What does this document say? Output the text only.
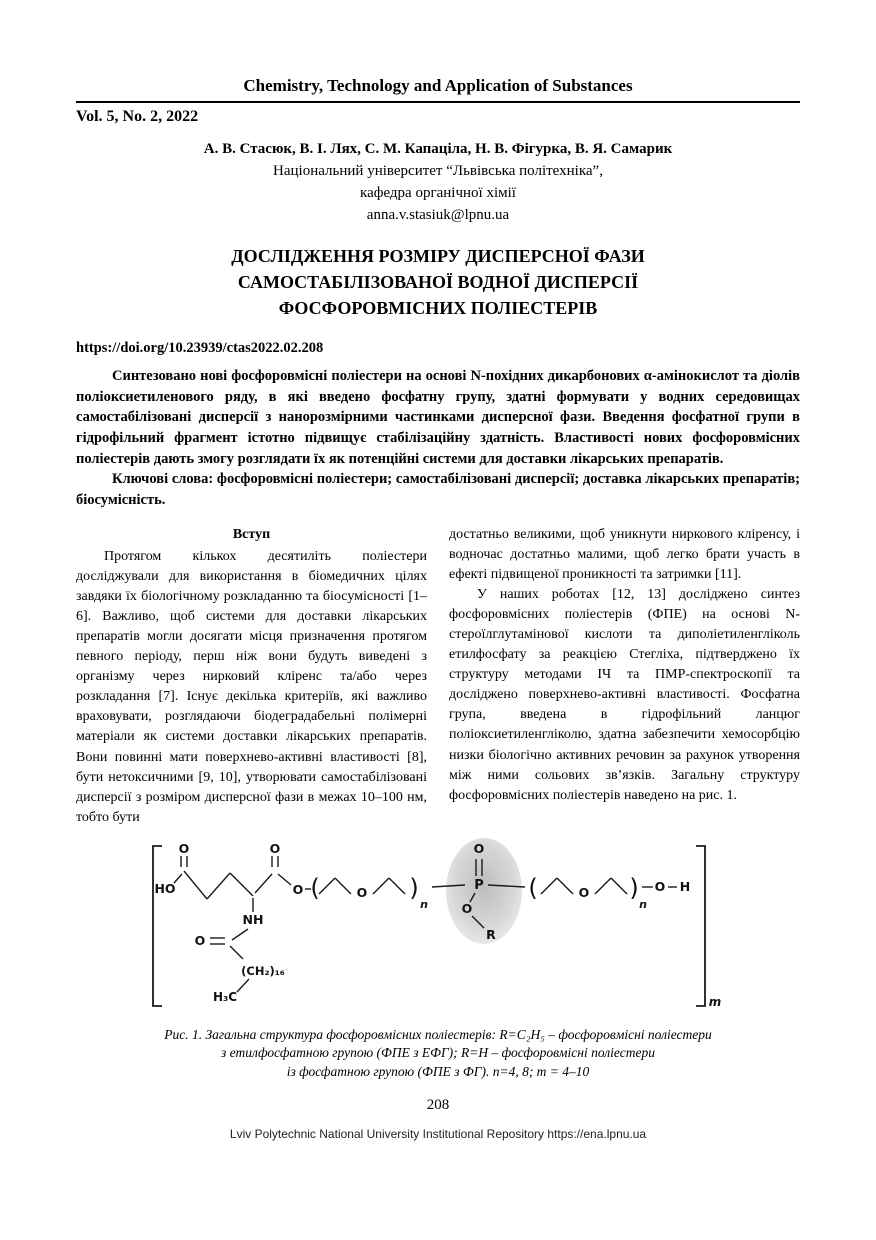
Chemistry, Technology and Application of Substances
Vol. 5, No. 2, 2022
А. В. Стасюк, В. І. Лях, С. М. Капаціла, Н. В. Фігурка, В. Я. Самарик
Національний університет “Львівська політехніка”,
кафедра органічної хімії
anna.v.stasiuk@lpnu.ua
ДОСЛІДЖЕННЯ РОЗМІРУ ДИСПЕРСНОЇ ФАЗИ
САМОСТАБІЛІЗОВАНОЇ ВОДНОЇ ДИСПЕРСІЇ
ФОСФОРОВМІСНИХ ПОЛІЕСТЕРІВ
https://doi.org/10.23939/ctas2022.02.208

Синтезовано нові фосфоровмісні поліестери на основі N-похідних дикарбонових α-амінокислот та діолів поліоксиетиленового ряду, в які введено фосфатну групу, здатні формувати у водних середовищах самостабілізовані дисперсії з нанорозмірними частинками дисперсної фази. Введення фосфатної групи в гідрофільний фрагмент істотно підвищує стабілізаційну здатність. Властивості нових фосфоровмісних поліестерів дають змогу розглядати їх як потенційні системи для доставки лікарських препаратів.

Ключові слова: фосфоровмісні поліестери; самостабілізовані дисперсії; доставка лікарських препаратів; біосумісність.

Вступ

Протягом кількох десятиліть поліестери досліджували для використання в біомедичних цілях завдяки їх біологічному розкладанню та біосумісності [1–6]. Важливо, щоб системи для доставки лікарських препаратів могли досягати місця призначення протягом певного періоду, перш ніж вони будуть виведені з організму через нирковий кліренс та/або через розкладання [7]. Існує декілька критеріїв, які важливо враховувати, розглядаючи біодеградабельні полімерні матеріали як системи доставки лікарських препаратів. Вони повинні мати поверхнево-активні властивості [8], бути нетоксичними [9, 10], утворювати самостабілізовані дисперсії з розміром дисперсної фази в межах 10–100 нм, тобто бути

достатньо великими, щоб уникнути ниркового кліренсу, і водночас достатньо малими, щоб легко брати участь в ефекті підвищеної проникності та затримки [11].

У наших роботах [12, 13] досліджено синтез фосфоровмісних поліестерів (ФПЕ) на основі N-стероїлглутамінової кислоти та диполіетиленгліколь етилфосфату за реакцією Стегліха, підтверджено їх структуру методами ІЧ та ПМР-спектроскопії та досліджено поверхнево-активні властивості. Фосфатна група, введена в гідрофільний ланцюг поліоксиетиленгліколю, здатна забезпечити хемосорбцію низки біологічно активних речовин за рахунок утворення між ними сольових зв’язків. Загальну структуру фосфоровмісних поліестерів наведено на рис. 1.

O
HO
O
NH
O
(CH₂)₁₆
H₃C
O (	O )
n
P
O
O
R
(	O )
n
O H
m
Рис. 1. Загальна структура фосфоровмісних поліестерів: R=C₂H₅ – фосфоровмісні поліестери
з етилфосфатною групою (ФПЕ з ЕФГ); R=H – фосфоровмісні поліестери
із фосфатною групою (ФПЕ з ФГ). n=4, 8; m = 4–10
208
Lviv Polytechnic National University Institutional Repository https://ena.lpnu.ua
